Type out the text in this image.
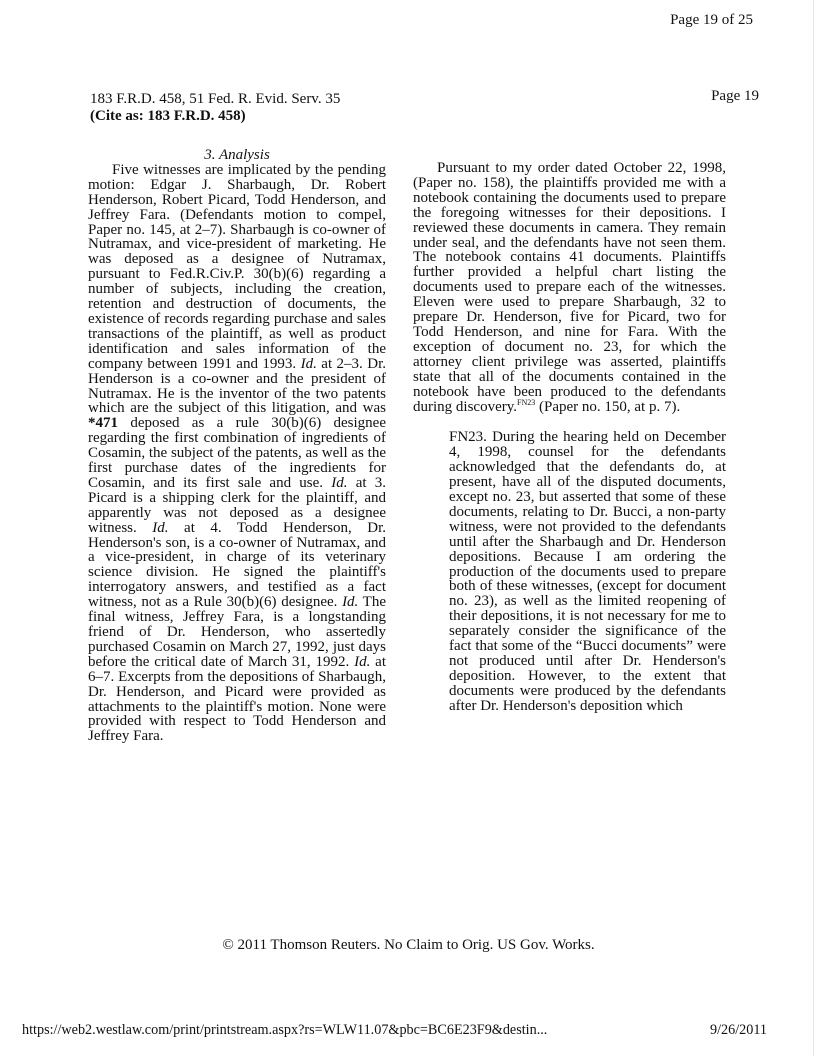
Page 19 of 25
183 F.R.D. 458, 51 Fed. R. Evid. Serv. 35
(Cite as: 183 F.R.D. 458)
Page 19

3. Analysis

Five witnesses are implicated by the pending motion: Edgar J. Sharbaugh, Dr. Robert Henderson, Robert Picard, Todd Henderson, and Jeffrey Fara. (Defendants motion to compel, Paper no. 145, at 2–7). Sharbaugh is co-owner of Nutramax, and vice-president of marketing. He was deposed as a designee of Nutramax, pursuant to Fed.R.Civ.P. 30(b)(6) regarding a number of subjects, including the creation, retention and destruction of documents, the existence of records regarding purchase and sales transactions of the plaintiff, as well as product identification and sales information of the company between 1991 and 1993. Id. at 2–3. Dr. Henderson is a co-owner and the president of Nutramax. He is the inventor of the two patents which are the subject of this litigation, and was *471 deposed as a rule 30(b)(6) designee regarding the first combination of ingredients of Cosamin, the subject of the patents, as well as the first purchase dates of the ingredients for Cosamin, and its first sale and use. Id. at 3. Picard is a shipping clerk for the plaintiff, and apparently was not deposed as a designee witness. Id. at 4. Todd Henderson, Dr. Henderson's son, is a co-owner of Nutramax, and a vice-president, in charge of its veterinary science division. He signed the plaintiff's interrogatory answers, and testified as a fact witness, not as a Rule 30(b)(6) designee. Id. The final witness, Jeffrey Fara, is a longstanding friend of Dr. Henderson, who assertedly purchased Cosamin on March 27, 1992, just days before the critical date of March 31, 1992. Id. at 6–7. Excerpts from the depositions of Sharbaugh, Dr. Henderson, and Picard were provided as attachments to the plaintiff's motion. None were provided with respect to Todd Henderson and Jeffrey Fara.

Pursuant to my order dated October 22, 1998, (Paper no. 158), the plaintiffs provided me with a notebook containing the documents used to prepare the foregoing witnesses for their depositions. I reviewed these documents in camera. They remain under seal, and the defendants have not seen them. The notebook contains 41 documents. Plaintiffs further provided a helpful chart listing the documents used to prepare each of the witnesses. Eleven were used to prepare Sharbaugh, 32 to prepare Dr. Henderson, five for Picard, two for Todd Henderson, and nine for Fara. With the exception of document no. 23, for which the attorney client privilege was asserted, plaintiffs state that all of the documents contained in the notebook have been produced to the defendants during discovery.$^{FN23}$ (Paper no. 150, at p. 7).

FN23. During the hearing held on December 4, 1998, counsel for the defendants acknowledged that the defendants do, at present, have all of the disputed documents, except no. 23, but asserted that some of these documents, relating to Dr. Bucci, a non-party witness, were not provided to the defendants until after the Sharbaugh and Dr. Henderson depositions. Because I am ordering the production of the documents used to prepare both of these witnesses, (except for document no. 23), as well as the limited reopening of their depositions, it is not necessary for me to separately consider the significance of the fact that some of the “Bucci documents” were not produced until after Dr. Henderson's deposition. However, to the extent that documents were produced by the defendants after Dr. Henderson's deposition which
© 2011 Thomson Reuters. No Claim to Orig. US Gov. Works.
https://web2.westlaw.com/print/printstream.aspx?rs=WLW11.07&pbc=BC6E23F9&destin...	9/26/2011
